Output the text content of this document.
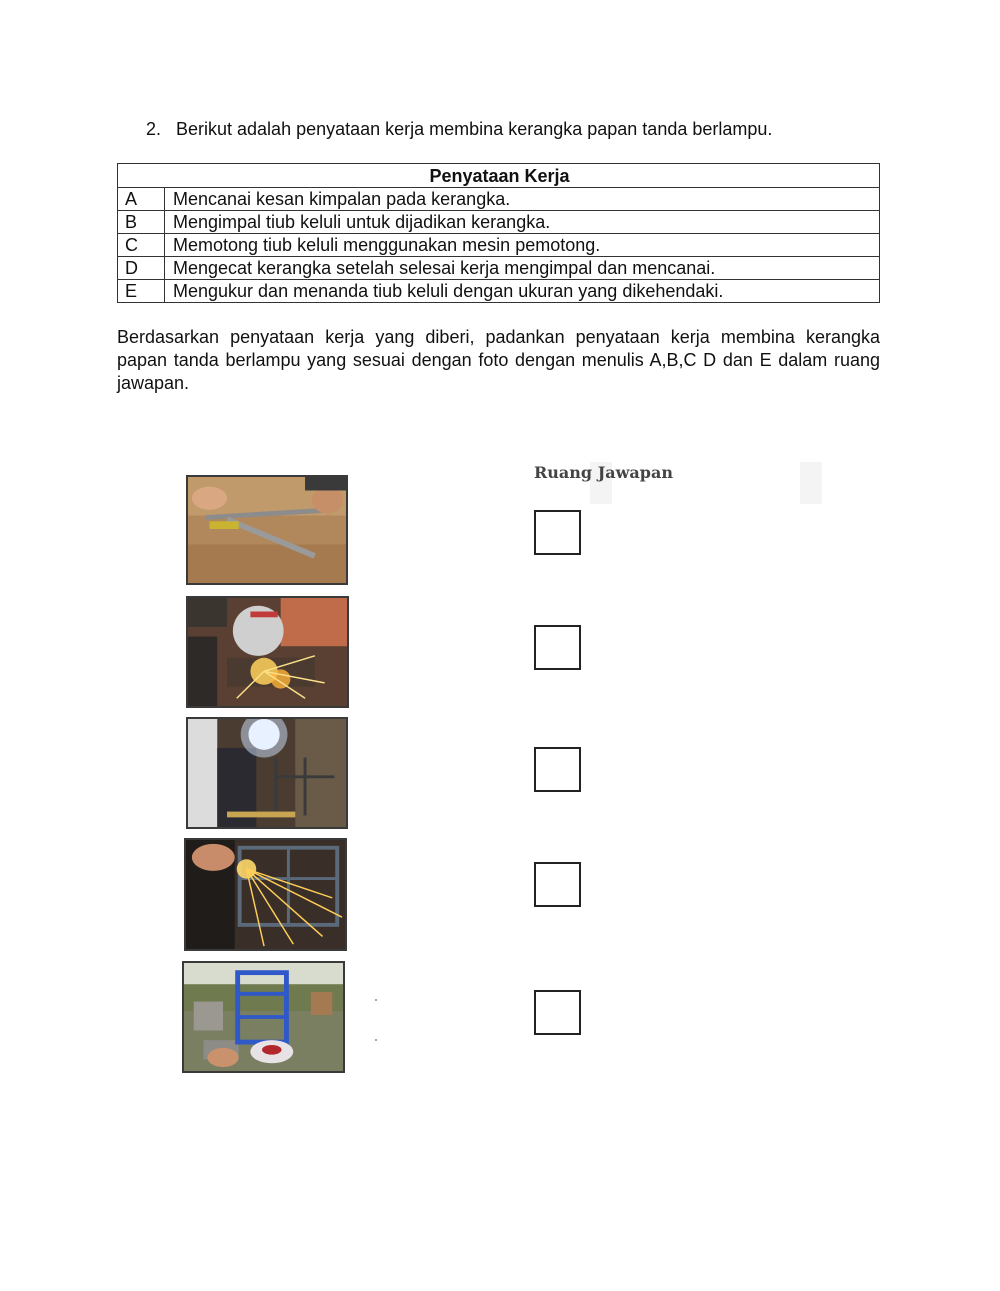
2. Berikut adalah penyataan kerja membina kerangka papan tanda berlampu.
Penyataan Kerja	
A	Mencanai kesan kimpalan pada kerangka.
B	Mengimpal tiub keluli untuk dijadikan kerangka.
C	Memotong tiub keluli menggunakan mesin pemotong.
D	Mengecat kerangka setelah selesai kerja mengimpal dan mencanai.
E	Mengukur dan menanda tiub keluli dengan ukuran yang dikehendaki.
Berdasarkan penyataan kerja yang diberi, padankan penyataan kerja membina kerangka papan tanda berlampu yang sesuai dengan foto dengan menulis A,B,C D dan E dalam ruang jawapan.
Ruang Jawapan
